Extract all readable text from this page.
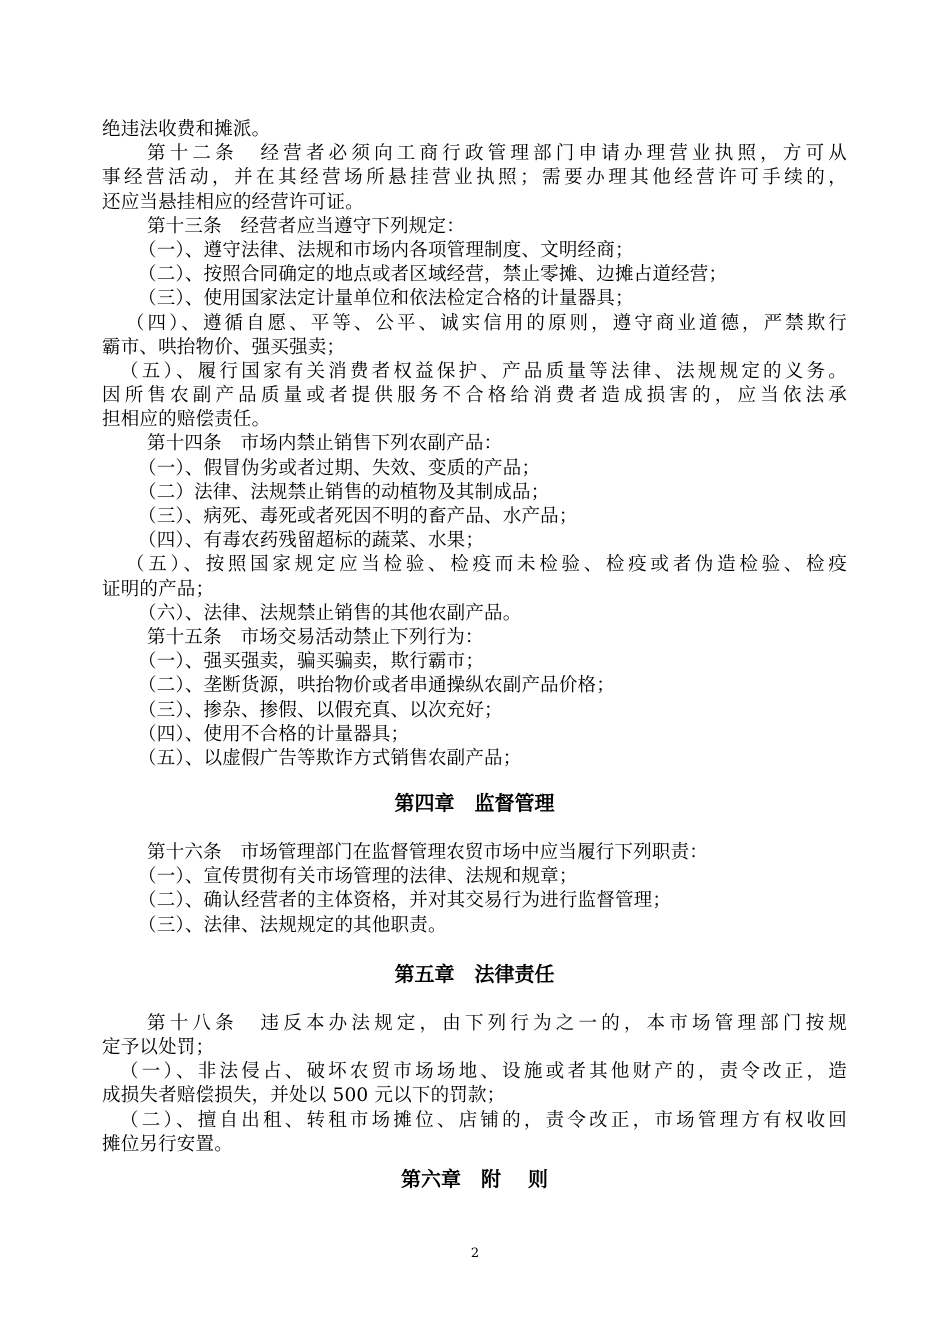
绝违法收费和摊派。
第十二条　经营者必须向工商行政管理部门申请办理营业执照，方可从
事经营活动，并在其经营场所悬挂营业执照；需要办理其他经营许可手续的，
还应当悬挂相应的经营许可证。
第十三条　经营者应当遵守下列规定：
（一）、遵守法律、法规和市场内各项管理制度、文明经商；
（二）、按照合同确定的地点或者区域经营，禁止零摊、边摊占道经营；
（三）、使用国家法定计量单位和依法检定合格的计量器具；
（四）、遵循自愿、平等、公平、诚实信用的原则，遵守商业道德，严禁欺行
霸市、哄抬物价、强买强卖；
（五）、履行国家有关消费者权益保护、产品质量等法律、法规规定的义务。
因所售农副产品质量或者提供服务不合格给消费者造成损害的，应当依法承
担相应的赔偿责任。
第十四条　市场内禁止销售下列农副产品：
（一）、假冒伪劣或者过期、失效、变质的产品；
（二）法律、法规禁止销售的动植物及其制成品；
（三）、病死、毒死或者死因不明的畜产品、水产品；
（四）、有毒农药残留超标的蔬菜、水果；
（五）、按照国家规定应当检验、检疫而未检验、检疫或者伪造检验、检疫
证明的产品；
（六）、法律、法规禁止销售的其他农副产品。
第十五条　市场交易活动禁止下列行为：
（一）、强买强卖，骗买骗卖，欺行霸市；
（二）、垄断货源，哄抬物价或者串通操纵农副产品价格；
（三）、掺杂、掺假、以假充真、以次充好；
（四）、使用不合格的计量器具；
（五）、以虚假广告等欺诈方式销售农副产品；
第四章　监督管理
第十六条　市场管理部门在监督管理农贸市场中应当履行下列职责：
（一）、宣传贯彻有关市场管理的法律、法规和规章；
（二）、确认经营者的主体资格，并对其交易行为进行监督管理；
（三）、法律、法规规定的其他职责。
第五章　法律责任
第十八条　违反本办法规定，由下列行为之一的，本市场管理部门按规
定予以处罚；
（一）、非法侵占、破坏农贸市场场地、设施或者其他财产的，责令改正，造
成损失者赔偿损失，并处以 500 元以下的罚款；
（二）、擅自出租、转租市场摊位、店铺的，责令改正，市场管理方有权收回
摊位另行安置。
第六章　附　 则
2
